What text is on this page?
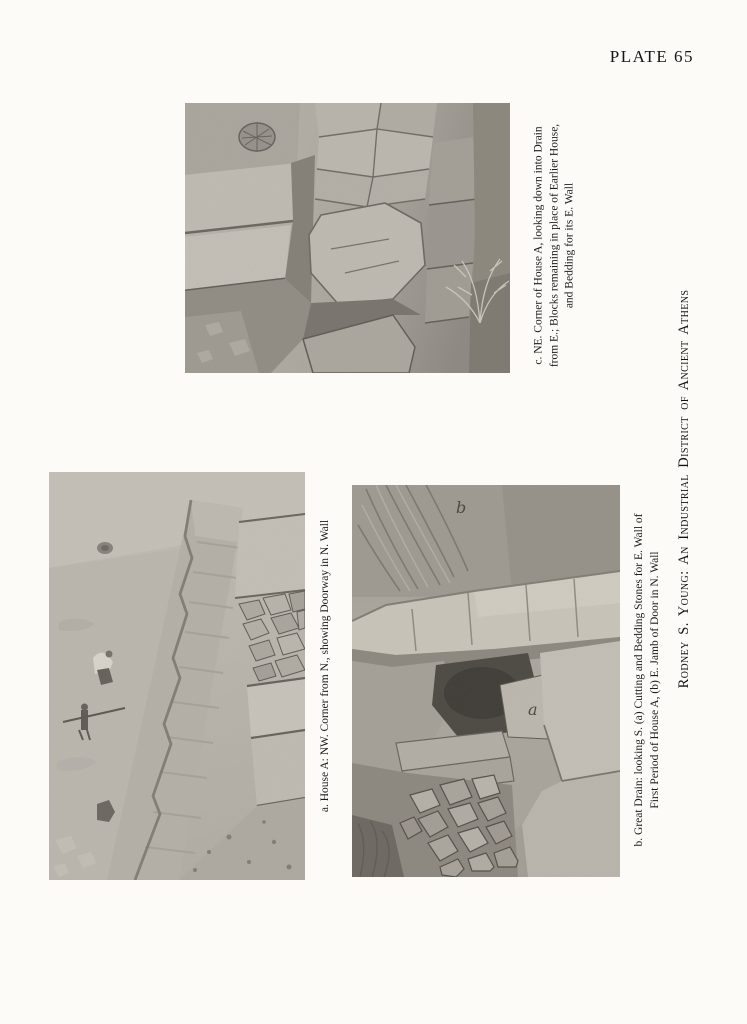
PLATE 65
c. NE. Corner of House A, looking down into Drain from E.; Blocks remaining in place of Earlier House, and Bedding for its E. Wall
a. House A: NW. Corner from N., showing Doorway in N. Wall
b
a	b. Great Drain: looking S. (a) Cutting and Bedding Stones for E. Wall of First Period of House A, (b) E. Jamb of Door in N. Wall Rodney S. Young: An Industrial District of Ancient Athens
